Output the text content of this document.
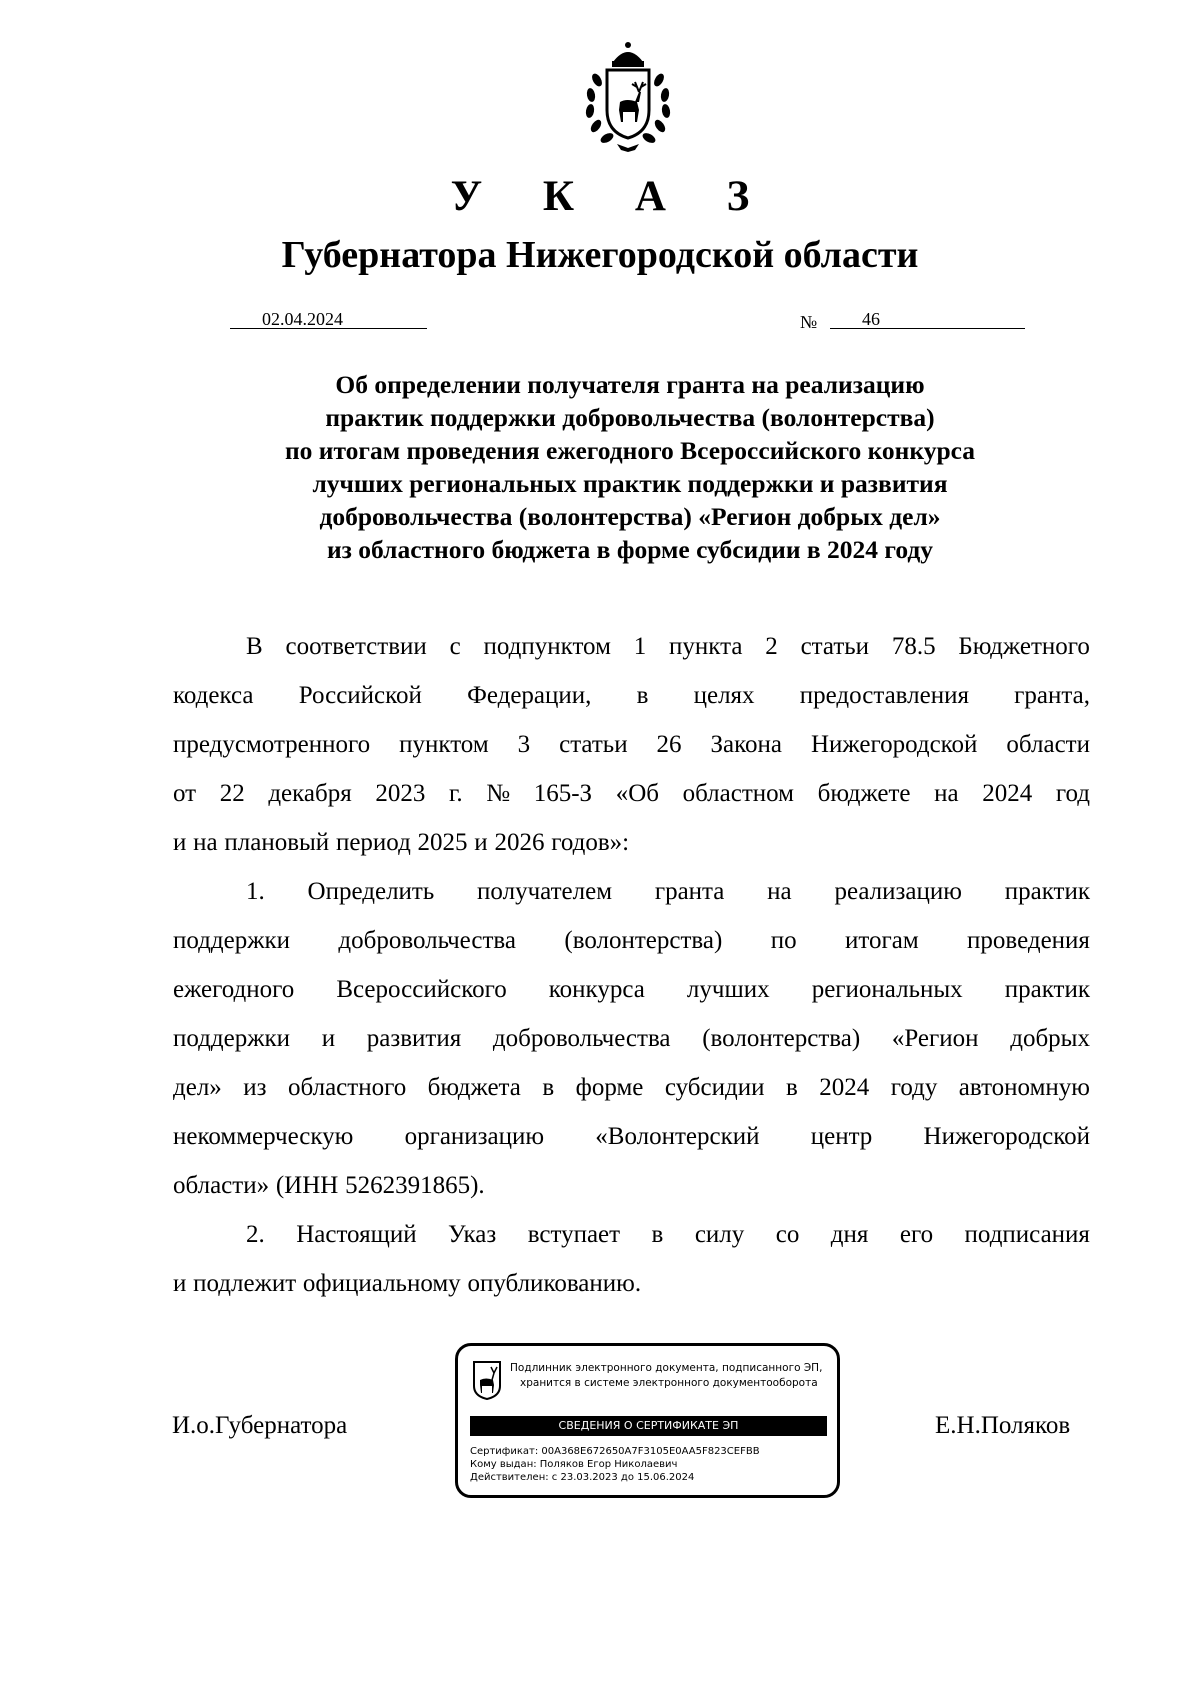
У К А З
Губернатора Нижегородской области
02.04.2024	№ 46
Об определении получателя гранта на реализацию
практик поддержки добровольчества (волонтерства)
по итогам проведения ежегодного Всероссийского конкурса
лучших региональных практик поддержки и развития
добровольчества (волонтерства) «Регион добрых дел»
из областного бюджета в форме субсидии в 2024 году
В соответствии с подпунктом 1 пункта 2 статьи 78.5 Бюджетного
кодекса Российской Федерации, в целях предоставления гранта,
предусмотренного пунктом 3 статьи 26 Закона Нижегородской области
от 22 декабря 2023 г. № 165-З «Об областном бюджете на 2024 год
и на плановый период 2025 и 2026 годов»:
1. Определить получателем гранта на реализацию практик
поддержки добровольчества (волонтерства) по итогам проведения
ежегодного Всероссийского конкурса лучших региональных практик
поддержки и развития добровольчества (волонтерства) «Регион добрых
дел» из областного бюджета в форме субсидии в 2024 году автономную
некоммерческую организацию «Волонтерский центр Нижегородской
области» (ИНН 5262391865).
2. Настоящий Указ вступает в силу со дня его подписания
и подлежит официальному опубликованию.
И.о.Губернатора	Е.Н.Поляков
Подлинник электронного документа, подписанного ЭП,
хранится в системе электронного документооборота
СВЕДЕНИЯ О СЕРТИФИКАТЕ ЭП
Сертификат: 00A368E672650A7F3105E0AA5F823CEFBB
Кому выдан: Поляков Егор Николаевич
Действителен: с 23.03.2023 до 15.06.2024
